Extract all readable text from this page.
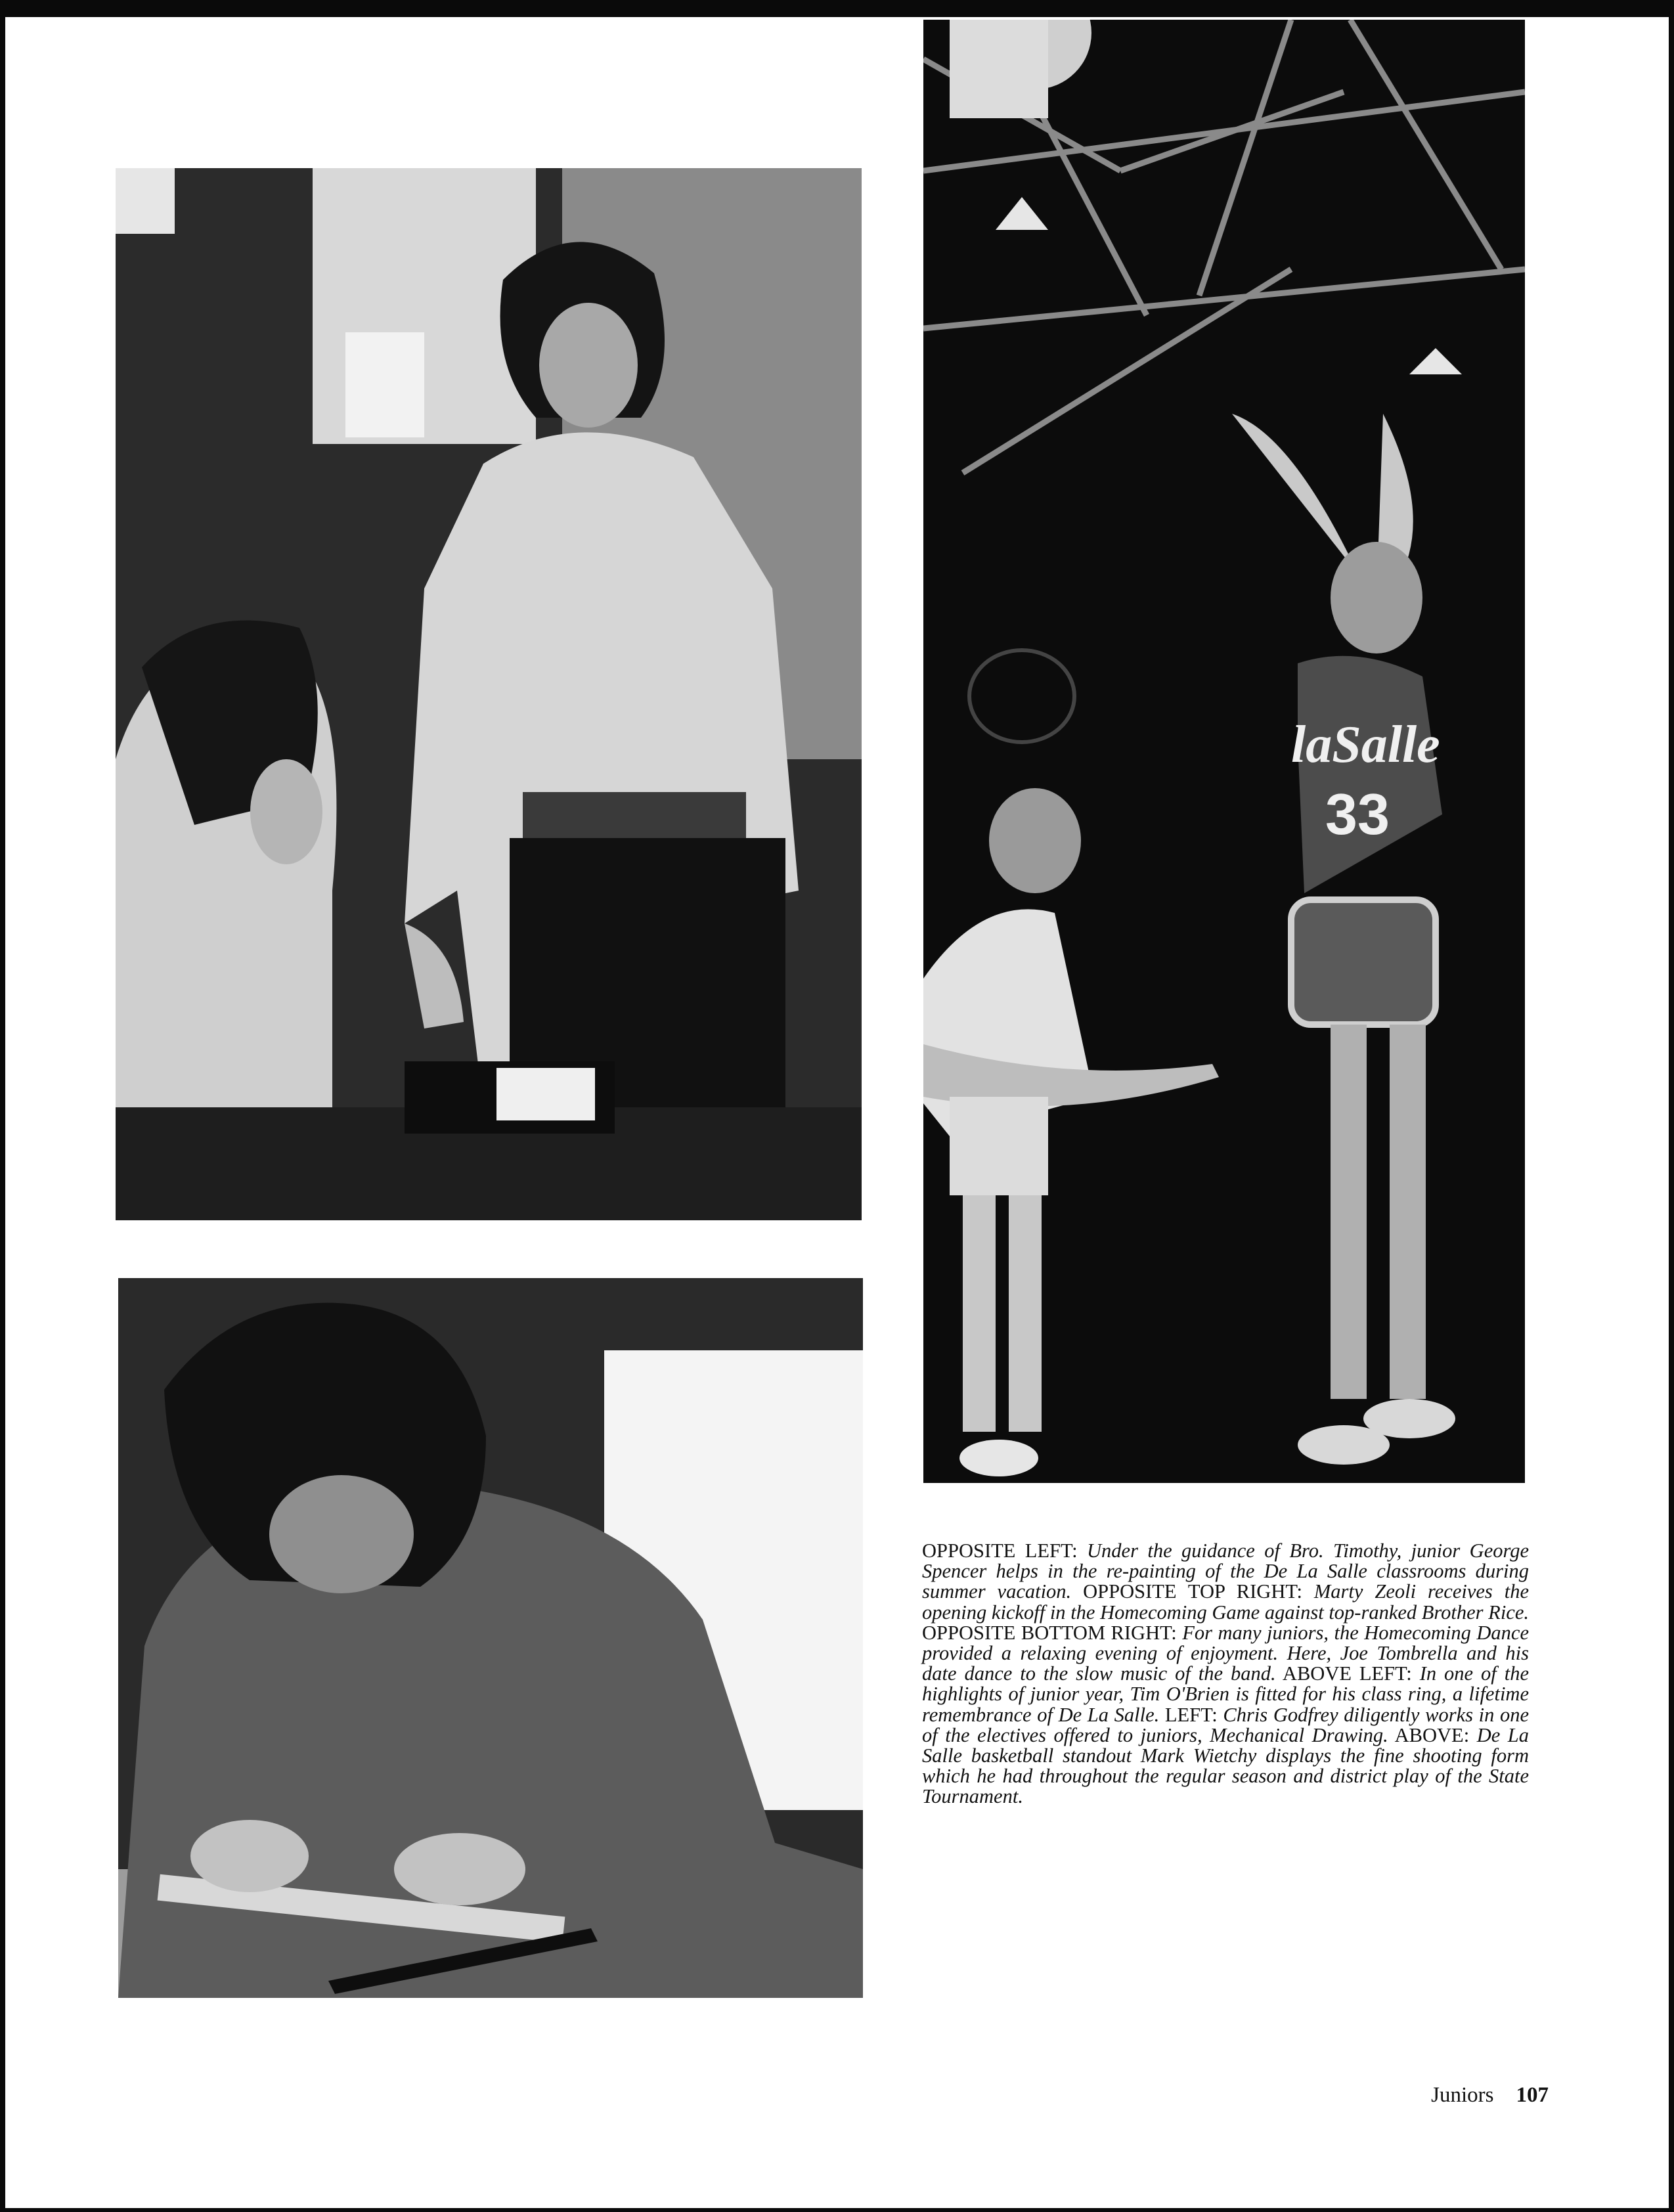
laSalle
33
OPPOSITE LEFT: Under the guidance of Bro. Timothy, junior George Spencer helps in the re-painting of the De La Salle classrooms during summer vacation. OPPOSITE TOP RIGHT: Marty Zeoli receives the opening kickoff in the Homecoming Game against top-ranked Brother Rice. OPPOSITE BOTTOM RIGHT: For many juniors, the Homecoming Dance provided a relaxing evening of enjoyment. Here, Joe Tombrella and his date dance to the slow music of the band. ABOVE LEFT: In one of the highlights of junior year, Tim O'Brien is fitted for his class ring, a lifetime remembrance of De La Salle. LEFT: Chris Godfrey diligently works in one of the electives offered to juniors, Mechanical Drawing. ABOVE: De La Salle basketball standout Mark Wietchy displays the fine shooting form which he had throughout the regular season and district play of the State Tournament.
Juniors 107
